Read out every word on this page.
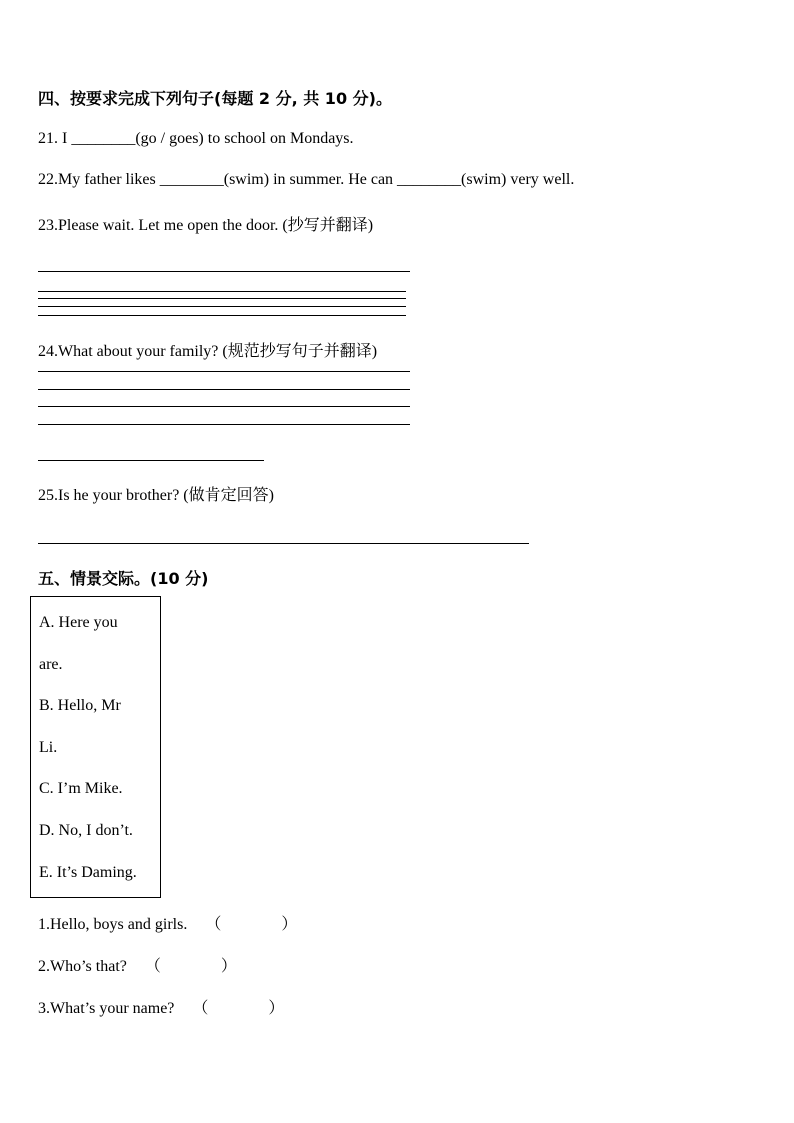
四、按要求完成下列句子(每题 2 分, 共 10 分)。
21. I ________(go / goes) to school on Mondays.
22.My father likes ________(swim) in summer. He can ________(swim) very well.
23.Please wait. Let me open the door. (抄写并翻译)
24.What about your family? (规范抄写句子并翻译)
25.Is he your brother? (做肯定回答)
五、情景交际。(10 分)
A. Here you
are.
B. Hello, Mr
Li.
C. I’m Mike.
D. No, I don’t.
E. It’s Daming.
1.Hello, boys and girls. （	）
2.Who’s that? （	）
3.What’s your name? （	）
